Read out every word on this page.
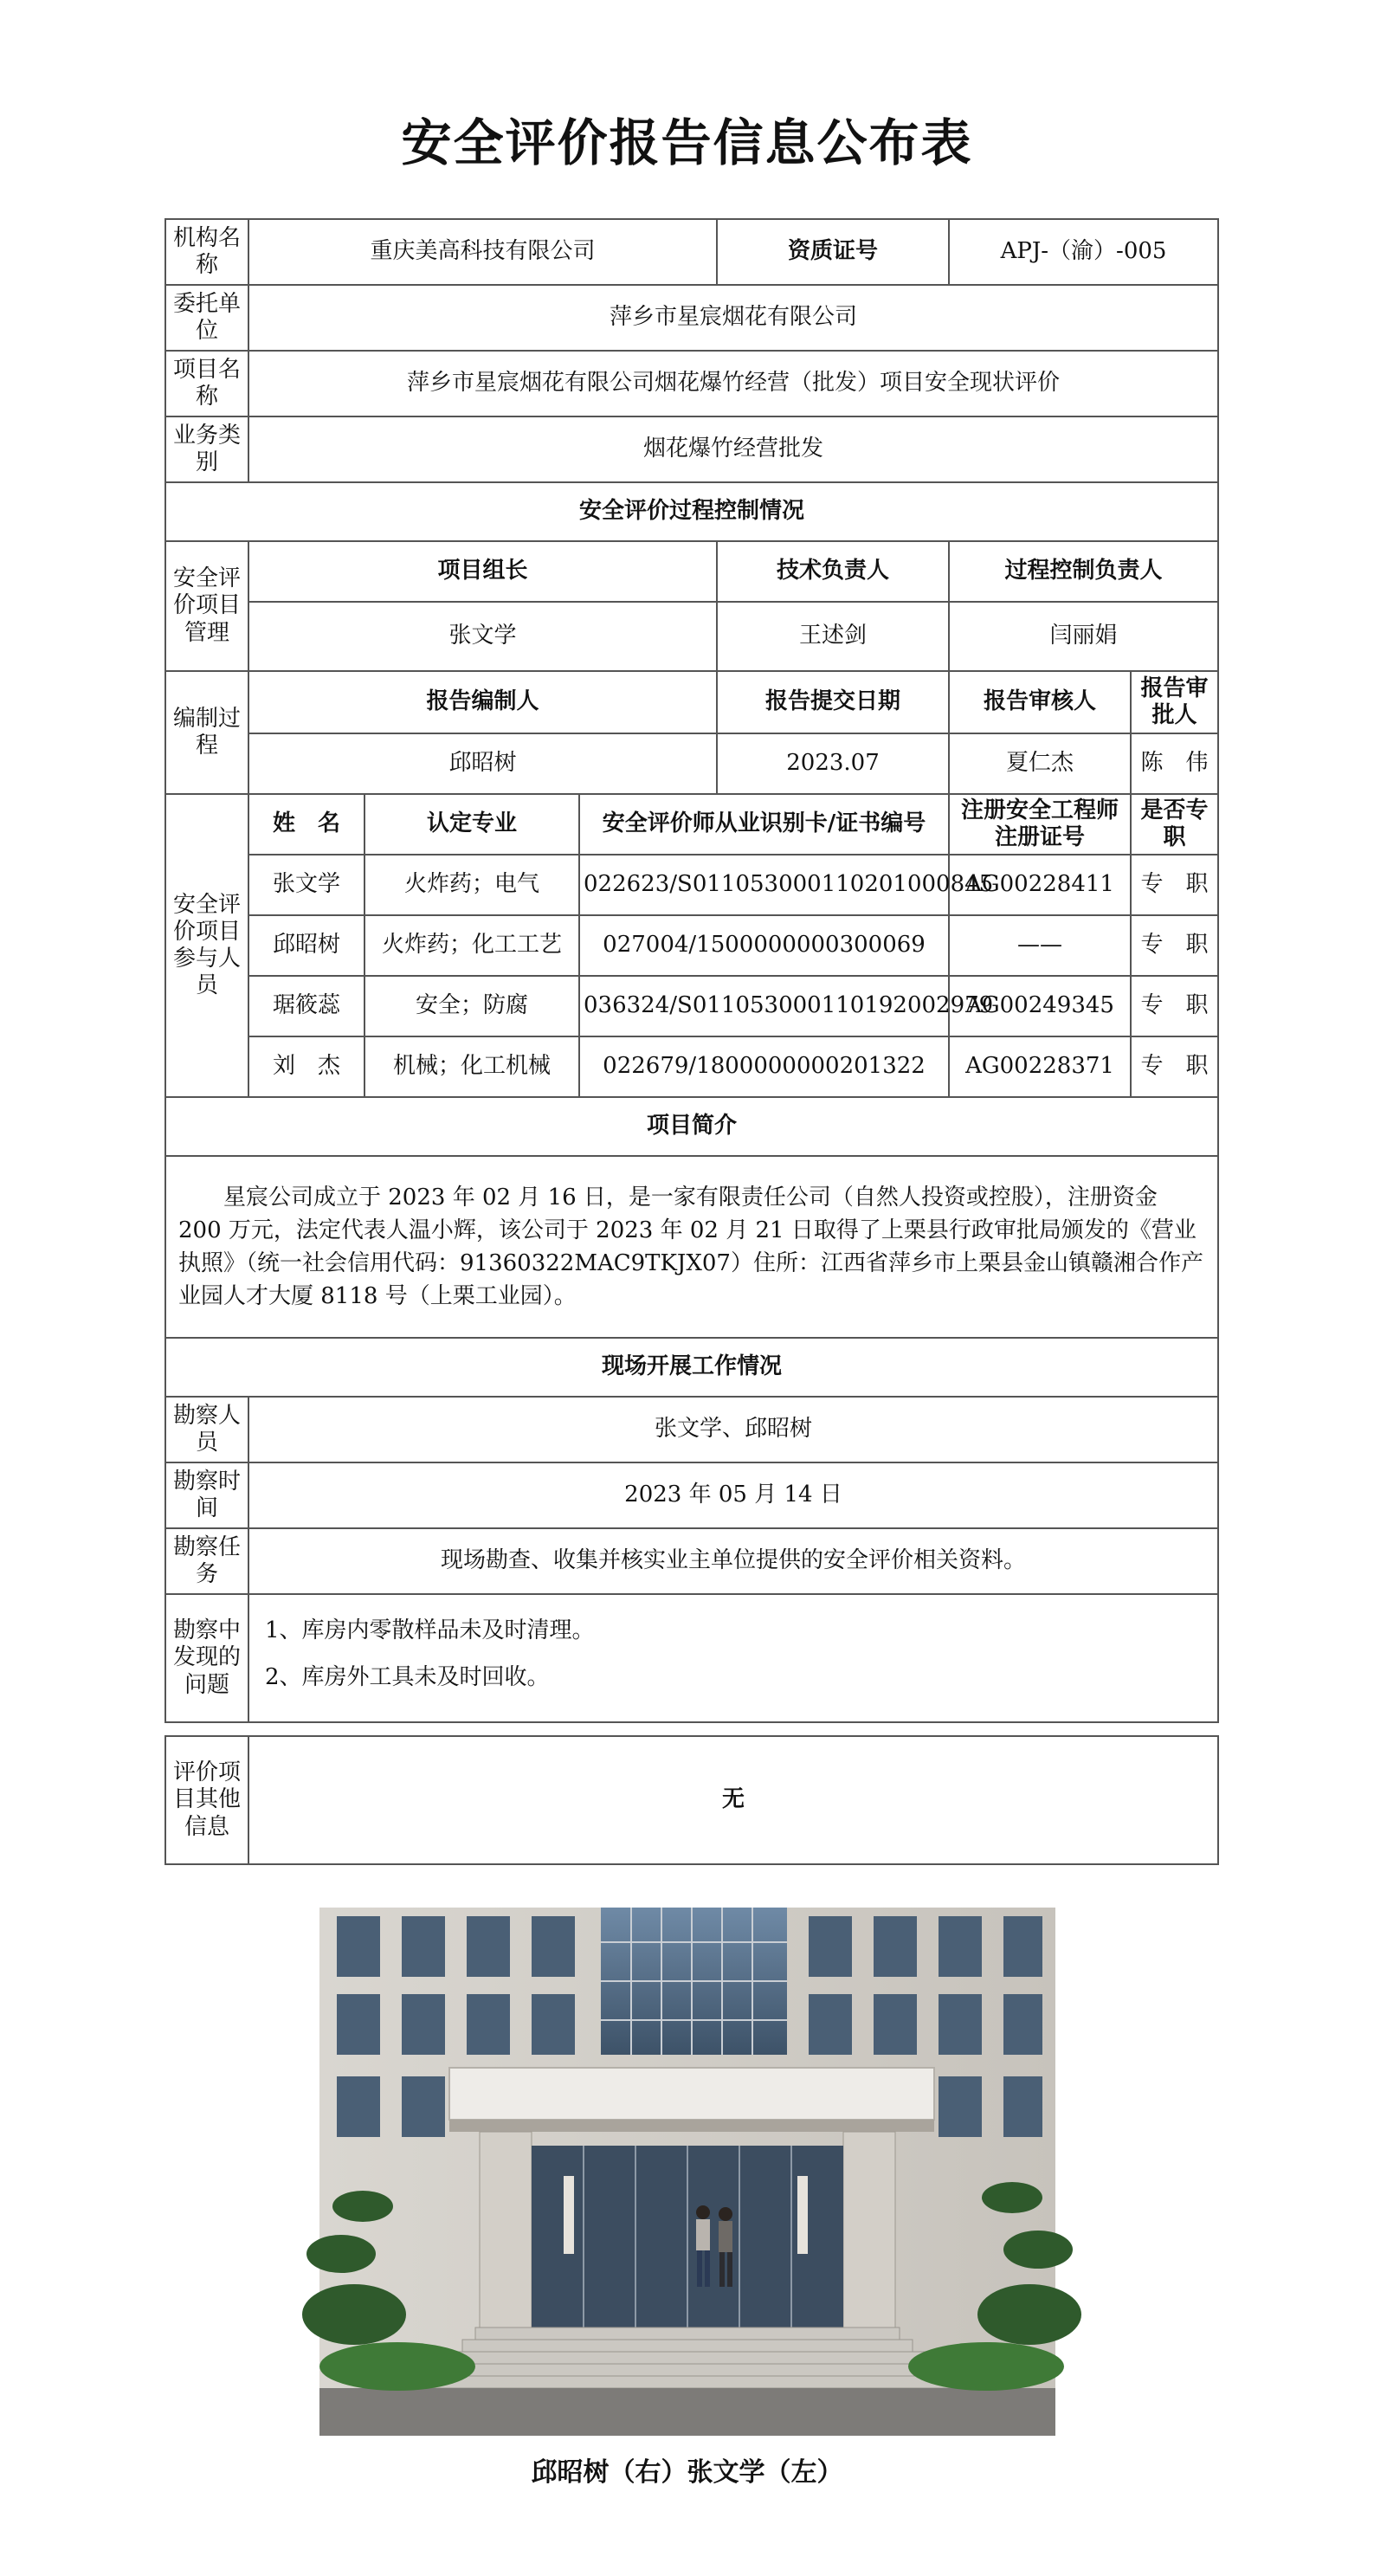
安全评价报告信息公布表
机构名称	重庆美高科技有限公司			资质证号	APJ-（渝）-005	
委托单位	萍乡市星宸烟花有限公司					
项目名称	萍乡市星宸烟花有限公司烟花爆竹经营（批发）项目安全现状评价					
业务类别	烟花爆竹经营批发					
安全评价过程控制情况						
安全评价项目管理	项目组长			技术负责人	过程控制负责人	
	张文学			王述剑	闫丽娟	
编制过程	报告编制人			报告提交日期	报告审核人	报告审批人
	邱昭树			2023.07	夏仁杰	陈　伟
安全评价项目参与人员	姓　名	认定专业	安全评价师从业识别卡/证书编号		注册安全工程师注册证号	是否专职
	张文学	火炸药；电气	022623/S011053000110201000845		AG00228411	专　职
	邱昭树	火炸药；化工工艺	027004/1500000000300069		——	专　职
	琚筱蕊	安全；防腐	036324/S011053000110192002979		AG00249345	专　职
	刘　杰	机械；化工机械	022679/1800000000201322		AG00228371	专　职
项目简介						
星宸公司成立于 2023 年 02 月 16 日，是一家有限责任公司（自然人投资或控股），注册资金 200 万元，法定代表人温小辉，该公司于 2023 年 02 月 21 日取得了上栗县行政审批局颁发的《营业执照》（统一社会信用代码：91360322MAC9TKJX07）住所：江西省萍乡市上栗县金山镇赣湘合作产业园人才大厦 8118 号（上栗工业园）。						
现场开展工作情况						
勘察人员	张文学、邱昭树					
勘察时间	2023 年 05 月 14 日					
勘察任务	现场勘查、收集并核实业主单位提供的安全评价相关资料。					
勘察中发现的问题	1、库房内零散样品未及时清理。
2、库房外工具未及时回收。					
评价项目其他信息	无
邱昭树（右）张文学（左）
